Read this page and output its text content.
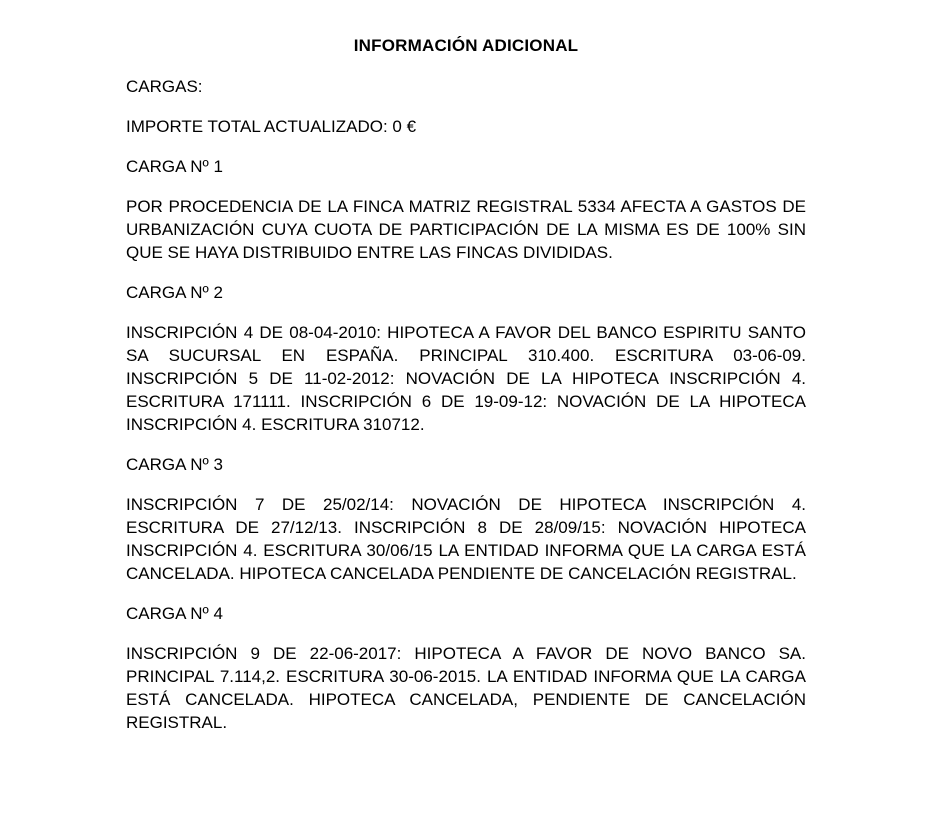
INFORMACIÓN ADICIONAL
CARGAS:
IMPORTE TOTAL ACTUALIZADO: 0 €
CARGA Nº 1
POR PROCEDENCIA DE LA FINCA MATRIZ REGISTRAL 5334 AFECTA A GASTOS DE URBANIZACIÓN CUYA CUOTA DE PARTICIPACIÓN DE LA MISMA ES DE 100% SIN QUE SE HAYA DISTRIBUIDO ENTRE LAS FINCAS DIVIDIDAS.
CARGA Nº 2
INSCRIPCIÓN 4 DE 08-04-2010: HIPOTECA A FAVOR DEL BANCO ESPIRITU SANTO SA SUCURSAL EN ESPAÑA. PRINCIPAL 310.400. ESCRITURA 03-06-09. INSCRIPCIÓN 5 DE 11-02-2012: NOVACIÓN DE LA HIPOTECA INSCRIPCIÓN 4. ESCRITURA 171111. INSCRIPCIÓN 6 DE 19-09-12: NOVACIÓN DE LA HIPOTECA INSCRIPCIÓN 4. ESCRITURA 310712.
CARGA Nº 3
INSCRIPCIÓN 7 DE 25/02/14: NOVACIÓN DE HIPOTECA INSCRIPCIÓN 4. ESCRITURA DE 27/12/13. INSCRIPCIÓN 8 DE 28/09/15: NOVACIÓN HIPOTECA INSCRIPCIÓN 4. ESCRITURA 30/06/15 LA ENTIDAD INFORMA QUE LA CARGA ESTÁ CANCELADA. HIPOTECA CANCELADA PENDIENTE DE CANCELACIÓN REGISTRAL.
CARGA Nº 4
INSCRIPCIÓN 9 DE 22-06-2017: HIPOTECA A FAVOR DE NOVO BANCO SA. PRINCIPAL 7.114,2. ESCRITURA 30-06-2015. LA ENTIDAD INFORMA QUE LA CARGA ESTÁ CANCELADA. HIPOTECA CANCELADA, PENDIENTE DE CANCELACIÓN REGISTRAL.
